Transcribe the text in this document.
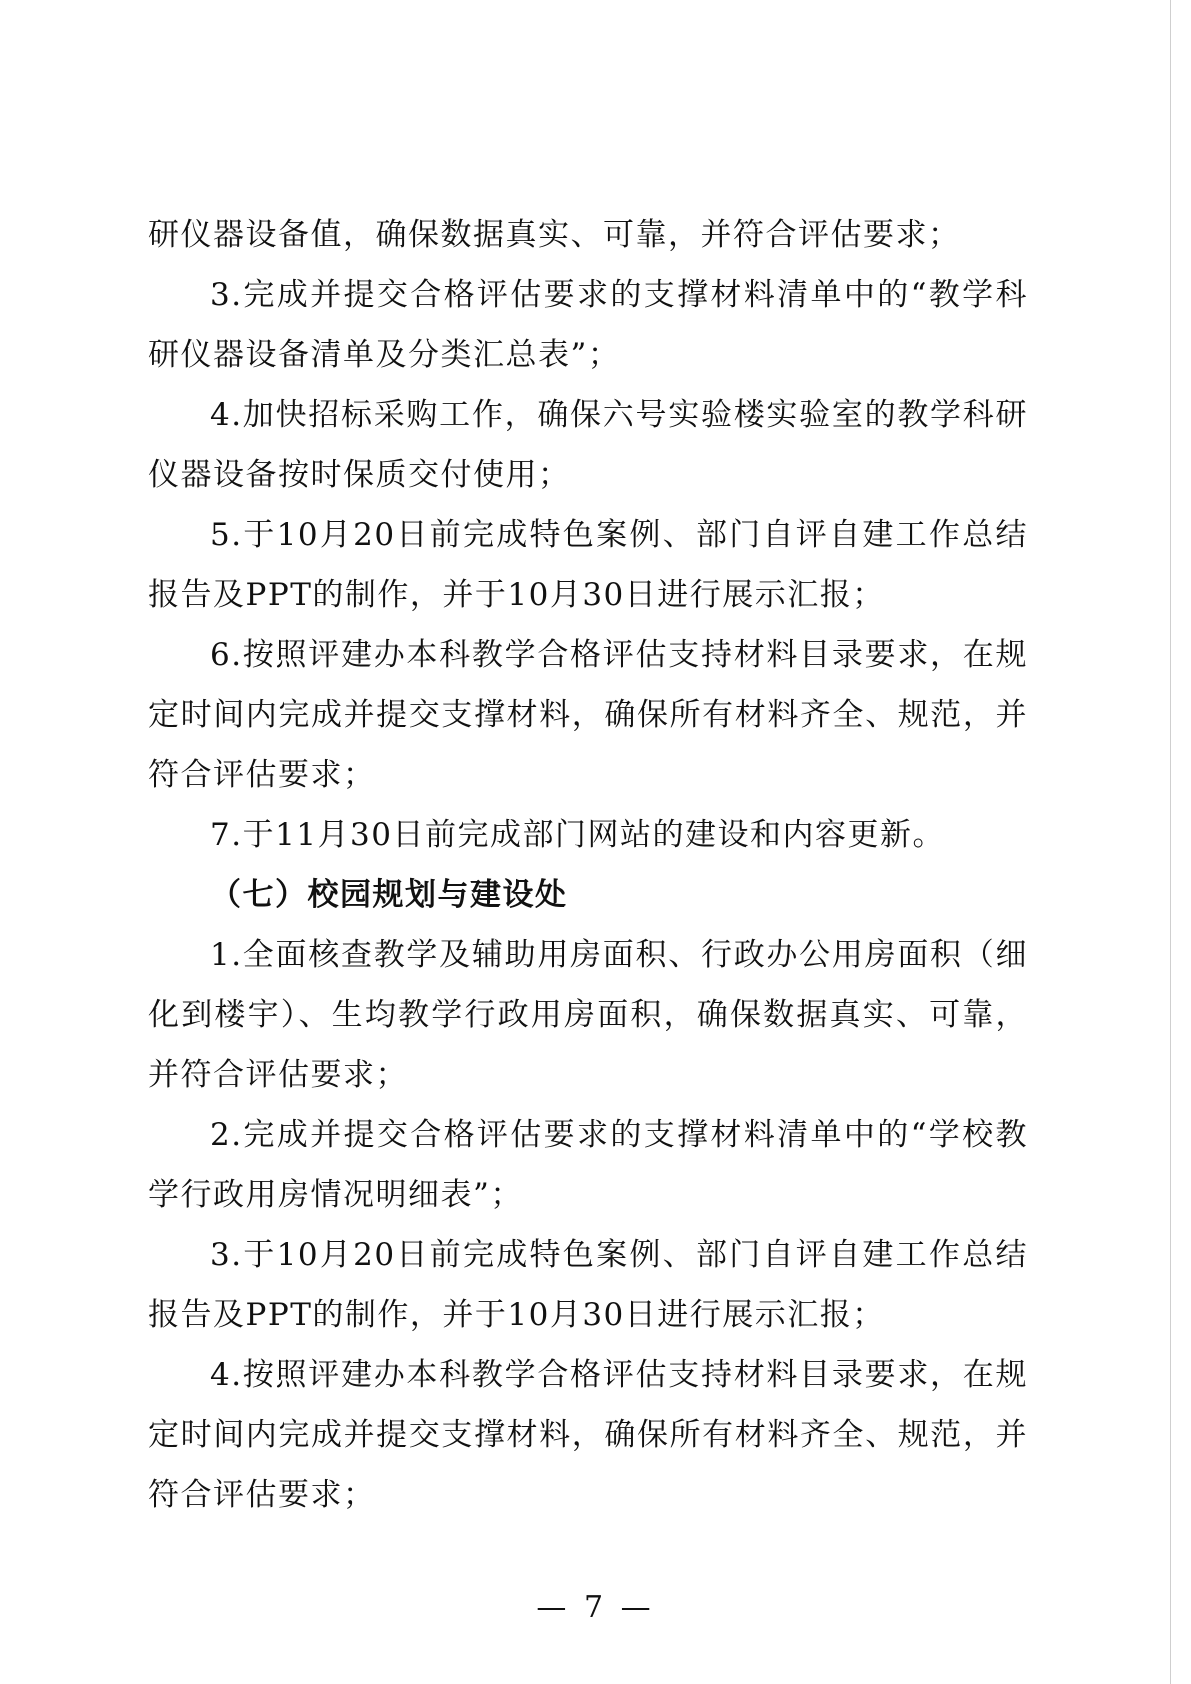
研仪器设备值，确保数据真实、可靠，并符合评估要求；

3.完成并提交合格评估要求的支撑材料清单中的“教学科研仪器设备清单及分类汇总表”；

4.加快招标采购工作，确保六号实验楼实验室的教学科研仪器设备按时保质交付使用；

5.于10月20日前完成特色案例、部门自评自建工作总结报告及PPT的制作，并于10月30日进行展示汇报；

6.按照评建办本科教学合格评估支持材料目录要求，在规定时间内完成并提交支撑材料，确保所有材料齐全、规范，并符合评估要求；

7.于11月30日前完成部门网站的建设和内容更新。

（七）校园规划与建设处

1.全面核查教学及辅助用房面积、行政办公用房面积（细化到楼宇）、生均教学行政用房面积，确保数据真实、可靠，并符合评估要求；

2.完成并提交合格评估要求的支撑材料清单中的“学校教学行政用房情况明细表”；

3.于10月20日前完成特色案例、部门自评自建工作总结报告及PPT的制作，并于10月30日进行展示汇报；

4.按照评建办本科教学合格评估支持材料目录要求，在规定时间内完成并提交支撑材料，确保所有材料齐全、规范，并符合评估要求；

— 7 —
